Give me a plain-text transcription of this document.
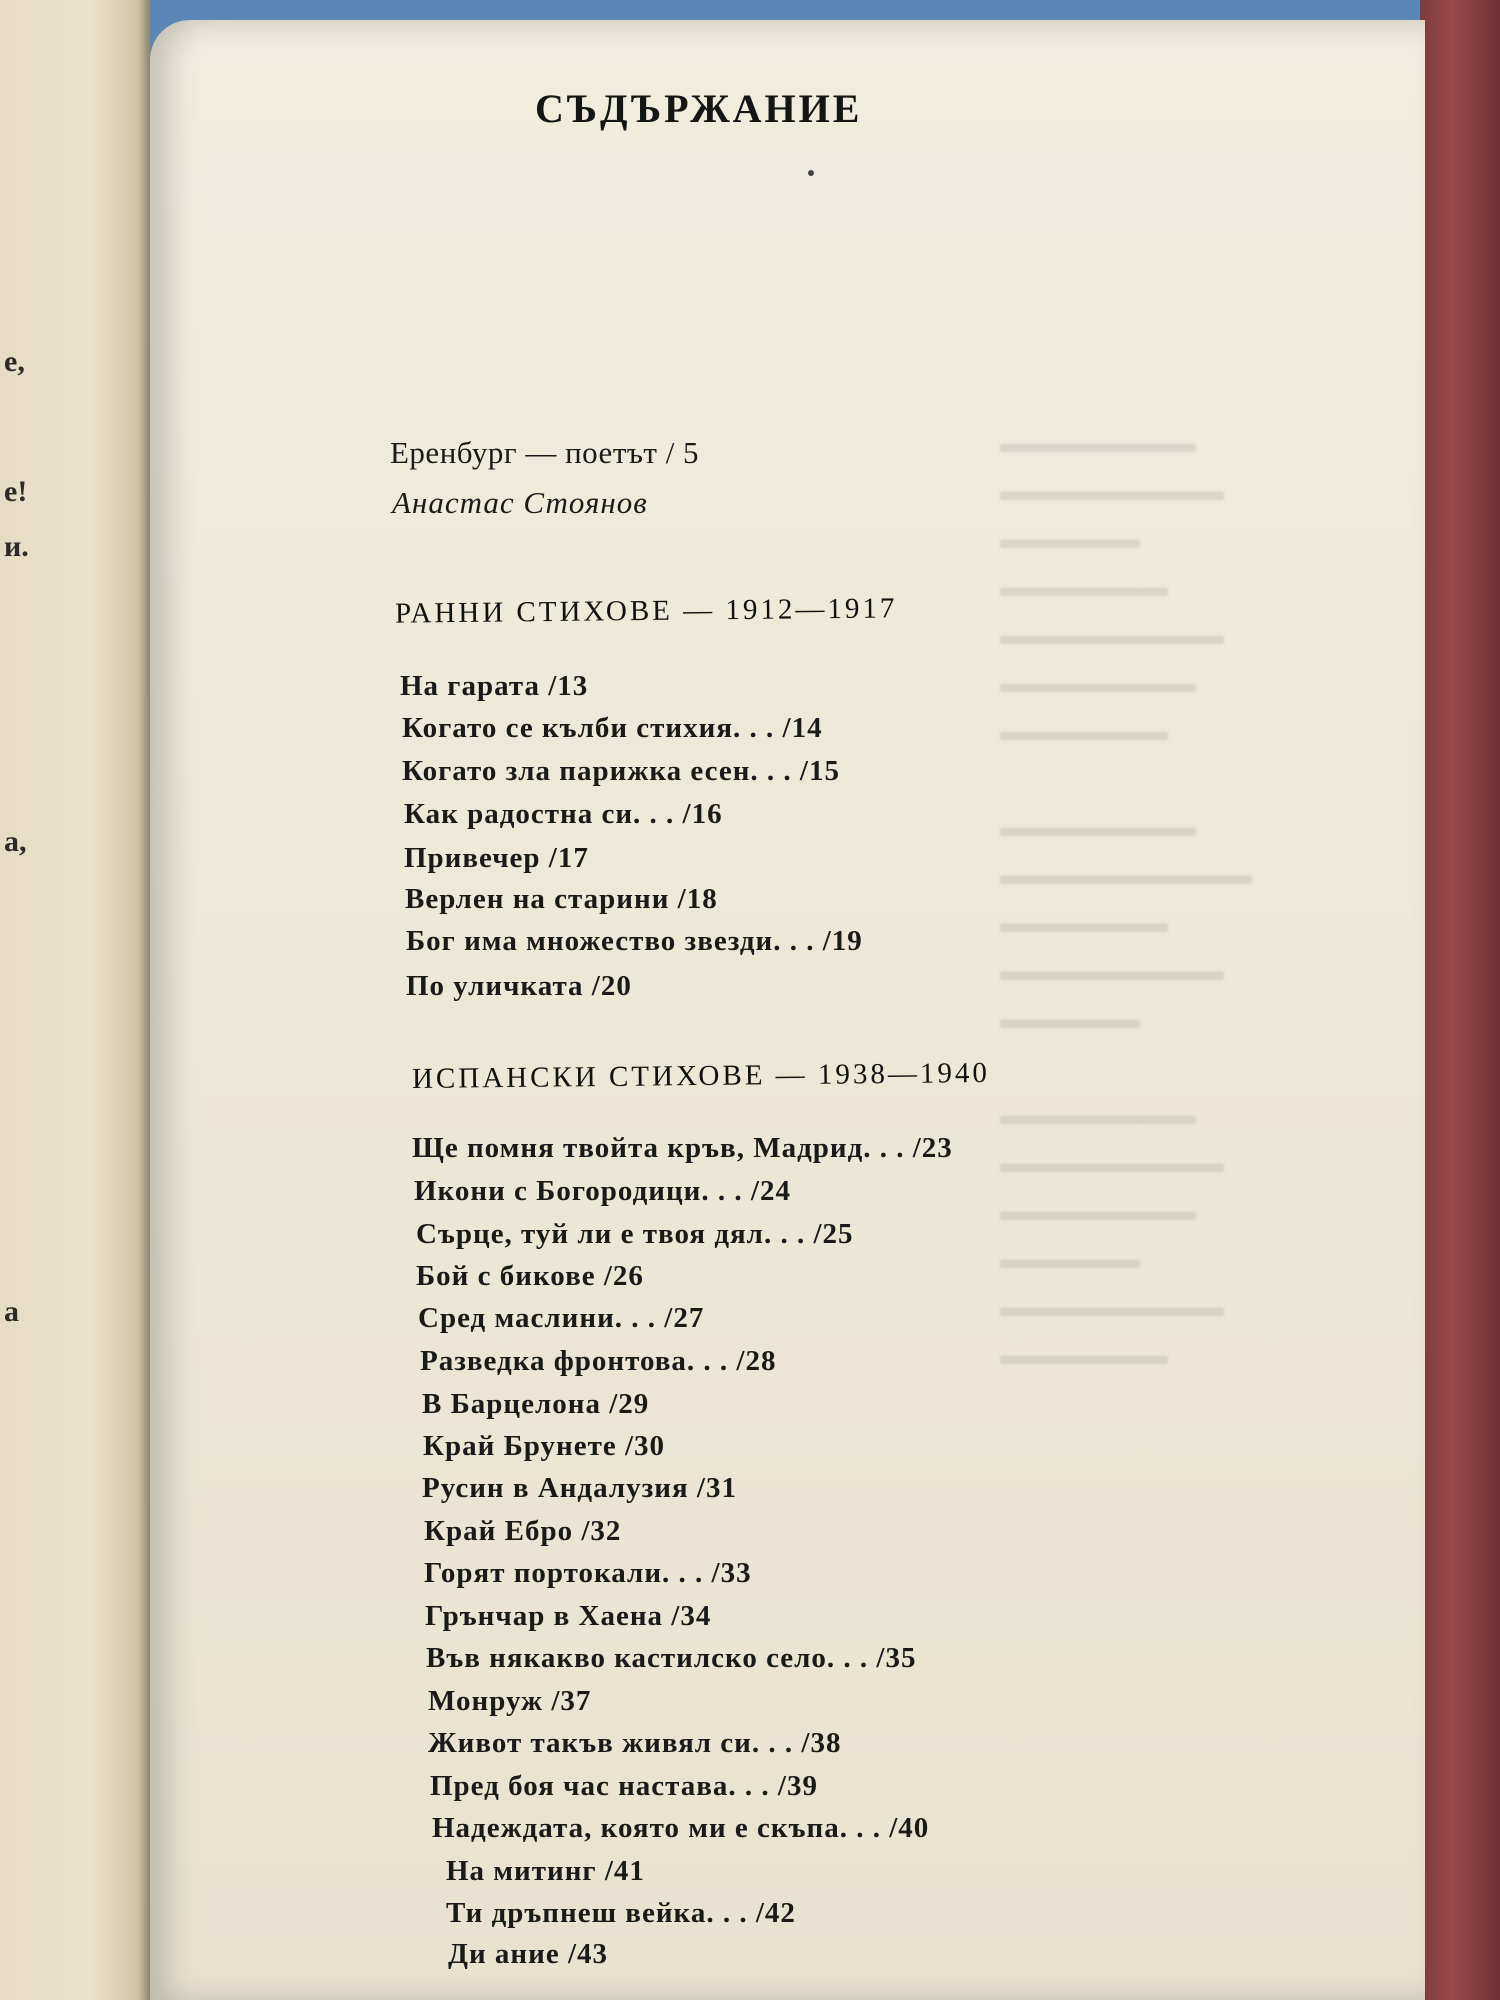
е,
е!
и.
а,
а
▬▬▬▬▬▬▬
▬▬▬▬▬▬▬▬
▬▬▬▬▬
▬▬▬▬▬▬
▬▬▬▬▬▬▬▬
▬▬▬▬▬▬▬
▬▬▬▬▬▬

▬▬▬▬▬▬▬
▬▬▬▬▬▬▬▬▬
▬▬▬▬▬▬
▬▬▬▬▬▬▬▬
▬▬▬▬▬

▬▬▬▬▬▬▬
▬▬▬▬▬▬▬▬
▬▬▬▬▬▬▬
▬▬▬▬▬
▬▬▬▬▬▬▬▬
▬▬▬▬▬▬
СЪДЪРЖАНИЕ
Еренбург — поетът / 5
Анастас Стоянов
РАННИ СТИХОВЕ — 1912—1917
На гарата /13
Когато се кълби стихия. . . /14
Когато зла парижка есен. . . /15
Как радостна си. . . /16
Привечер /17
Верлен на старини /18
Бог има множество звезди. . . /19
По уличката /20
ИСПАНСКИ СТИХОВЕ — 1938—1940
Ще помня твойта кръв, Мадрид. . . /23
Икони с Богородици. . . /24
Сърце, туй ли е твоя дял. . . /25
Бой с бикове /26
Сред маслини. . . /27
Разведка фронтова. . . /28
В Барцелона /29
Край Брунете /30
Русин в Андалузия /31
Край Ебро /32
Горят портокали. . . /33
Грънчар в Хаена /34
Във някакво кастилско село. . . /35
Монруж /37
Живот такъв живял си. . . /38
Пред боя час настава. . . /39
Надеждата, която ми е скъпа. . . /40
На митинг /41
Ти дръпнеш вейка. . . /42
Ди ание /43
